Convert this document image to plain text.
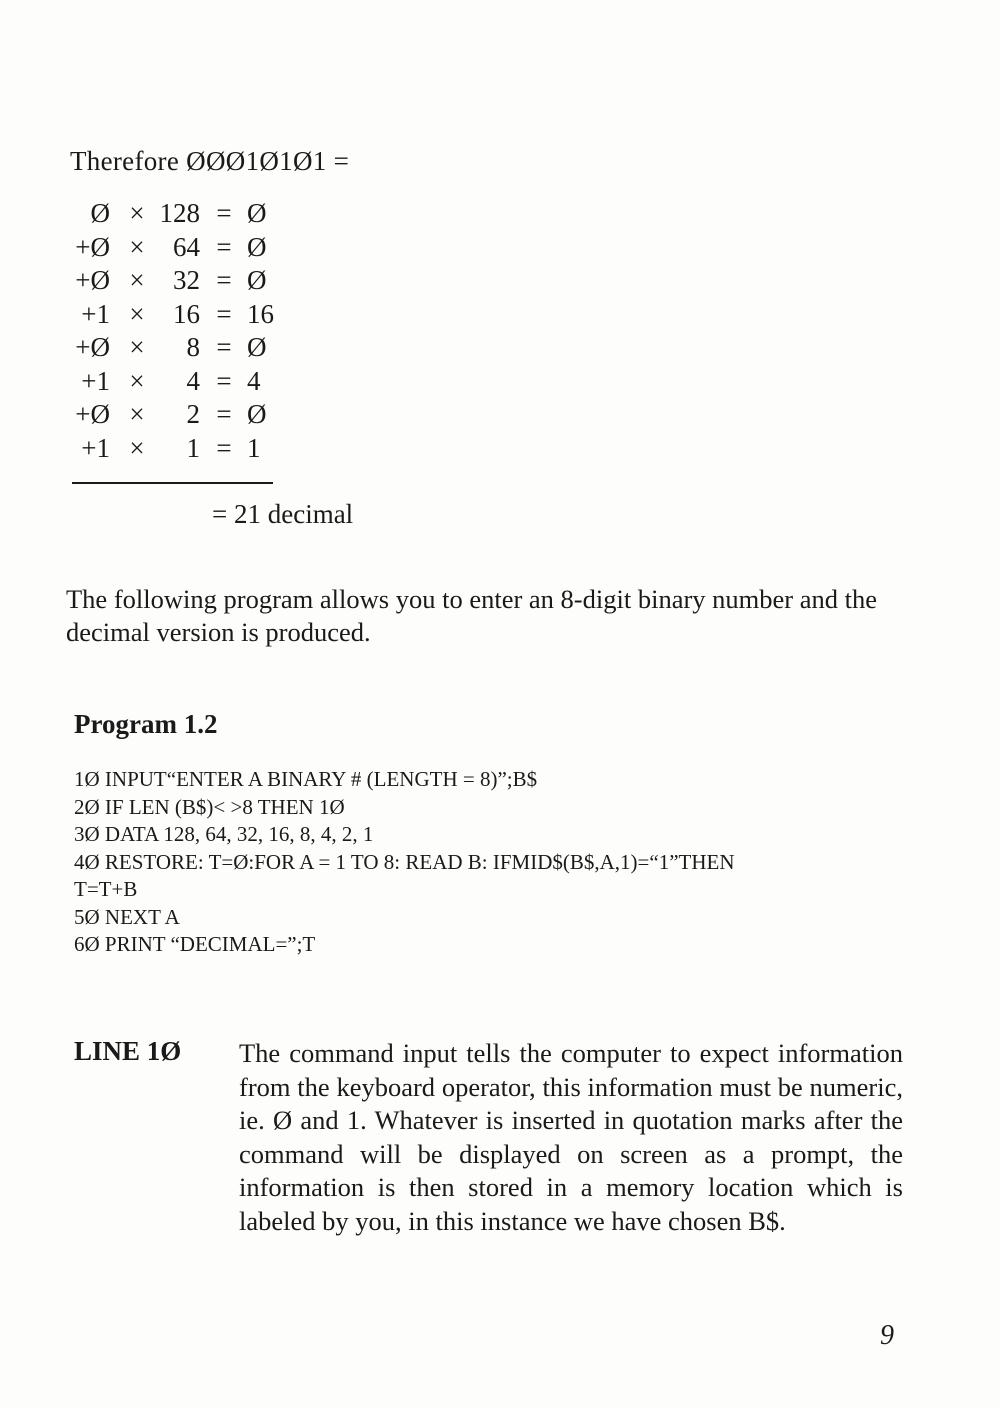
Therefore ØØØ1Ø1Ø1 =
Ø × 128 = Ø
+Ø ×	64 = Ø
+Ø ×	32 = Ø
+1 ×	16 = 16
+Ø ×	8 = Ø
+1 ×	4 = 4
+Ø ×	2 = Ø
+1 ×	1 = 1
= 21 decimal
The following program allows you to enter an 8-digit binary number and the decimal version is produced.
Program 1.2
1Ø INPUT“ENTER A BINARY # (LENGTH = 8)”;B$
2Ø IF LEN (B$)< >8 THEN 1Ø
3Ø DATA 128, 64, 32, 16, 8, 4, 2, 1
4Ø RESTORE: T=Ø:FOR A = 1 TO 8: READ B: IFMID$(B$,A,1)=“1”THEN
T=T+B
5Ø NEXT A
6Ø PRINT “DECIMAL=”;T
LINE 1Ø The command input tells the computer to expect information from the keyboard operator, this information must be numeric, ie. Ø and 1. Whatever is inserted in quotation marks after the command will be displayed on screen as a prompt, the information is then stored in a memory location which is labeled by you, in this instance we have chosen B$.
9
